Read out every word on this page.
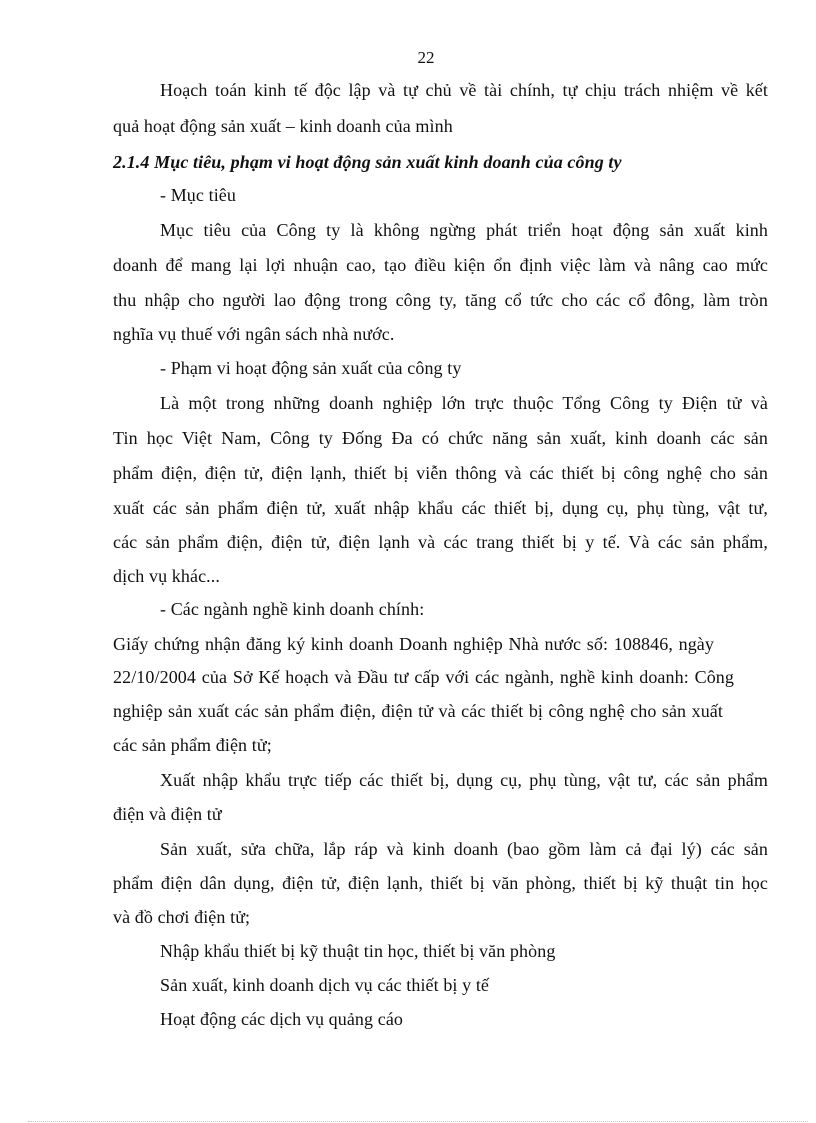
22
Hoạch toán kinh tế độc lập và tự chủ về tài chính, tự chịu trách nhiệm về kết
quả hoạt động sản xuất – kinh doanh của mình
2.1.4 Mục tiêu, phạm vi hoạt động sản xuất kinh doanh của công ty
- Mục tiêu
Mục tiêu của Công ty là không ngừng phát triển hoạt động sản xuất kinh
doanh để mang lại lợi nhuận cao, tạo điều kiện ổn định việc làm và nâng cao mức
thu nhập cho người lao động trong công ty, tăng cổ tức cho các cổ đông, làm tròn
nghĩa vụ thuế với ngân sách nhà nước.
- Phạm vi hoạt động sản xuất của công ty
Là một trong những doanh nghiệp lớn trực thuộc Tổng Công ty Điện tử và
Tin học Việt Nam, Công ty Đống Đa có chức năng sản xuất, kinh doanh các sản
phẩm điện, điện tử, điện lạnh, thiết bị viễn thông và các thiết bị công nghệ cho sản
xuất các sản phẩm điện tử, xuất nhập khẩu các thiết bị, dụng cụ, phụ tùng, vật tư,
các sản phẩm điện, điện tử, điện lạnh và các trang thiết bị y tế. Và các sản phẩm,
dịch vụ khác...
- Các ngành nghề kinh doanh chính:
Giấy chứng nhận đăng ký kinh doanh Doanh nghiệp Nhà nước số: 108846, ngày
22/10/2004 của Sở Kế hoạch và Đầu tư cấp với các ngành, nghề kinh doanh: Công
nghiệp sản xuất các sản phẩm điện, điện tử và các thiết bị công nghệ cho sản xuất
các sản phẩm điện tử;
Xuất nhập khẩu trực tiếp các thiết bị, dụng cụ, phụ tùng, vật tư, các sản phẩm
điện và điện tử
Sản xuất, sửa chữa, lắp ráp và kinh doanh (bao gồm làm cả đại lý) các sản
phẩm điện dân dụng, điện tử, điện lạnh, thiết bị văn phòng, thiết bị kỹ thuật tin học
và đồ chơi điện tử;
Nhập khẩu thiết bị kỹ thuật tin học, thiết bị văn phòng
Sản xuất, kinh doanh dịch vụ các thiết bị y tế
Hoạt động các dịch vụ quảng cáo
